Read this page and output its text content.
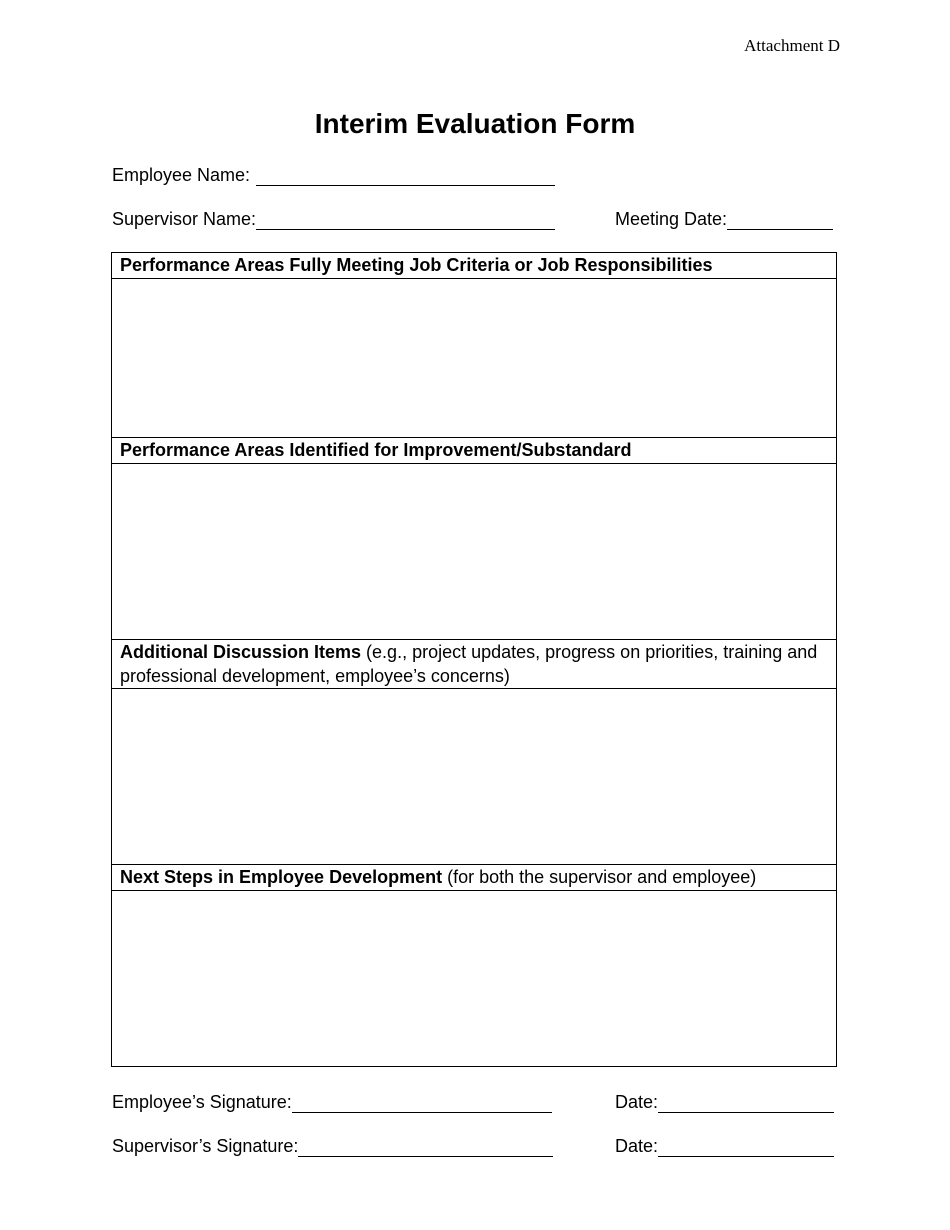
Attachment D
Interim Evaluation Form
Employee Name:
Supervisor Name:	Meeting Date:
Performance Areas Fully Meeting Job Criteria or Job Responsibilities
Performance Areas Identified for Improvement/Substandard
Additional Discussion Items (e.g., project updates, progress on priorities, training and professional development, employee’s concerns)
Next Steps in Employee Development (for both the supervisor and employee)
Employee’s Signature:	Date:
Supervisor’s Signature:	Date:
